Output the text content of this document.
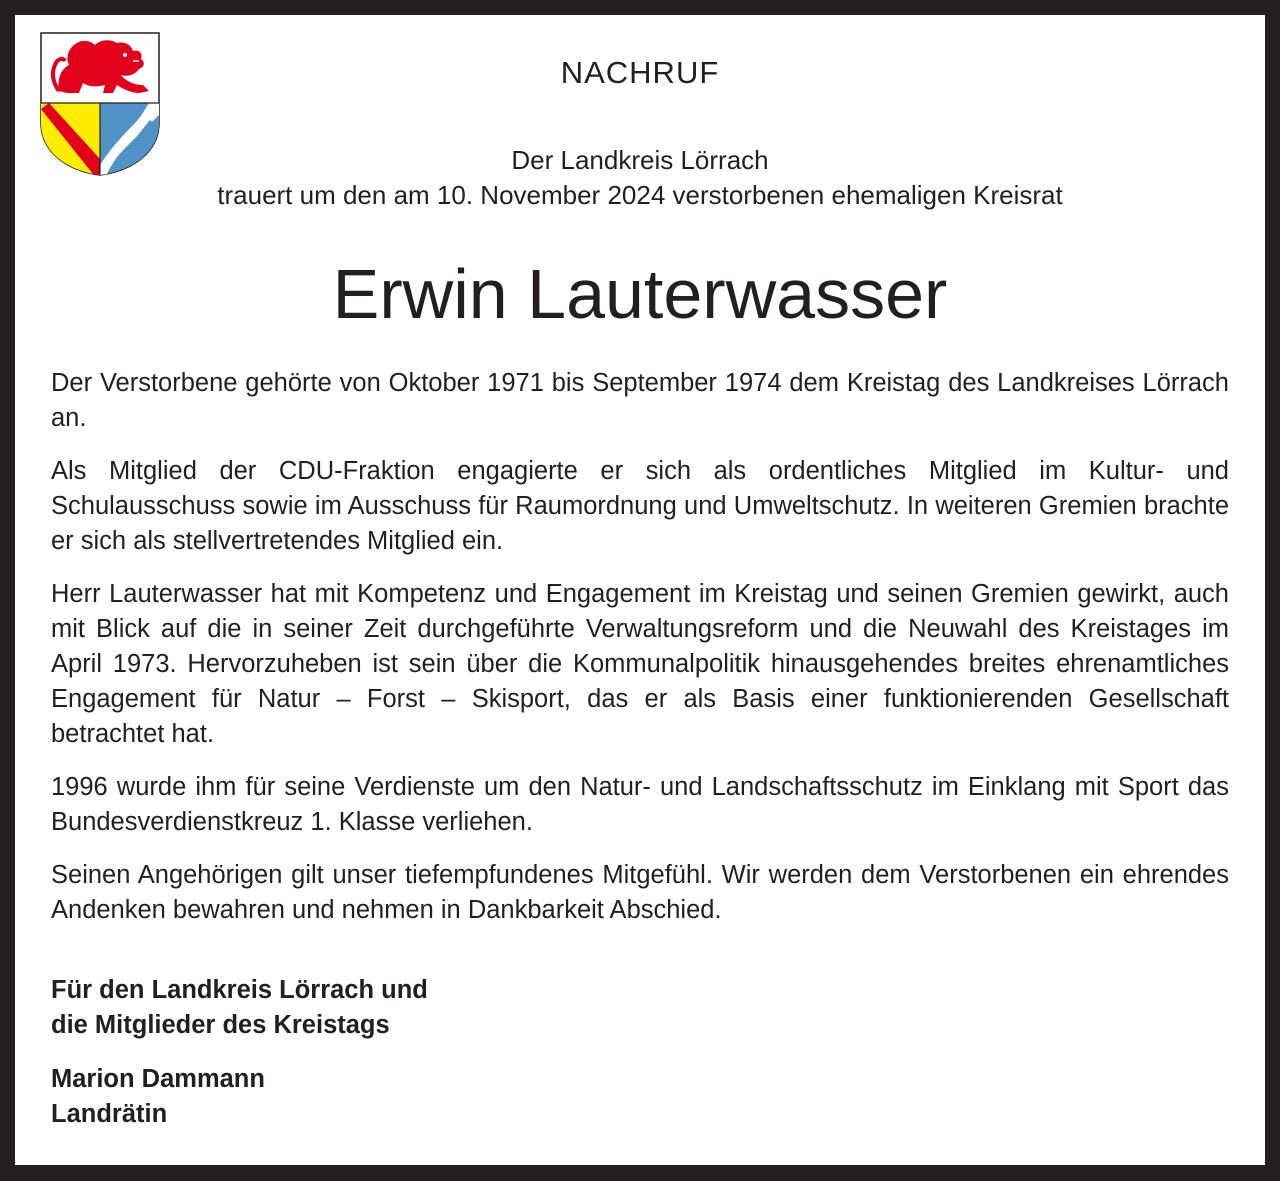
NACHRUF
Der Landkreis Lörrach
trauert um den am 10. November 2024 verstorbenen ehemaligen Kreisrat
Erwin Lauterwasser

Der Verstorbene gehörte von Oktober 1971 bis September 1974 dem Kreistag des Landkreises Lörrach an.

Als Mitglied der CDU-Fraktion engagierte er sich als ordentliches Mitglied im Kultur- und Schulausschuss sowie im Ausschuss für Raumordnung und Umweltschutz. In weiteren Gremien brachte er sich als stellvertretendes Mitglied ein.

Herr Lauterwasser hat mit Kompetenz und Engagement im Kreistag und seinen Gremien gewirkt, auch mit Blick auf die in seiner Zeit durchgeführte Verwaltungsreform und die Neuwahl des Kreistages im April 1973. Hervorzuheben ist sein über die Kommunalpolitik hinausgehendes breites ehrenamtliches Engagement für Natur – Forst – Skisport, das er als Basis einer funktionierenden Gesellschaft betrachtet hat.

1996 wurde ihm für seine Verdienste um den Natur- und Landschaftsschutz im Einklang mit Sport das Bundesverdienstkreuz 1. Klasse verliehen.

Seinen Angehörigen gilt unser tiefempfundenes Mitgefühl. Wir werden dem Verstorbenen ein ehrendes Andenken bewahren und nehmen in Dankbarkeit Abschied.

Für den Landkreis Lörrach und
die Mitglieder des Kreistags
Marion Dammann
Landrätin
